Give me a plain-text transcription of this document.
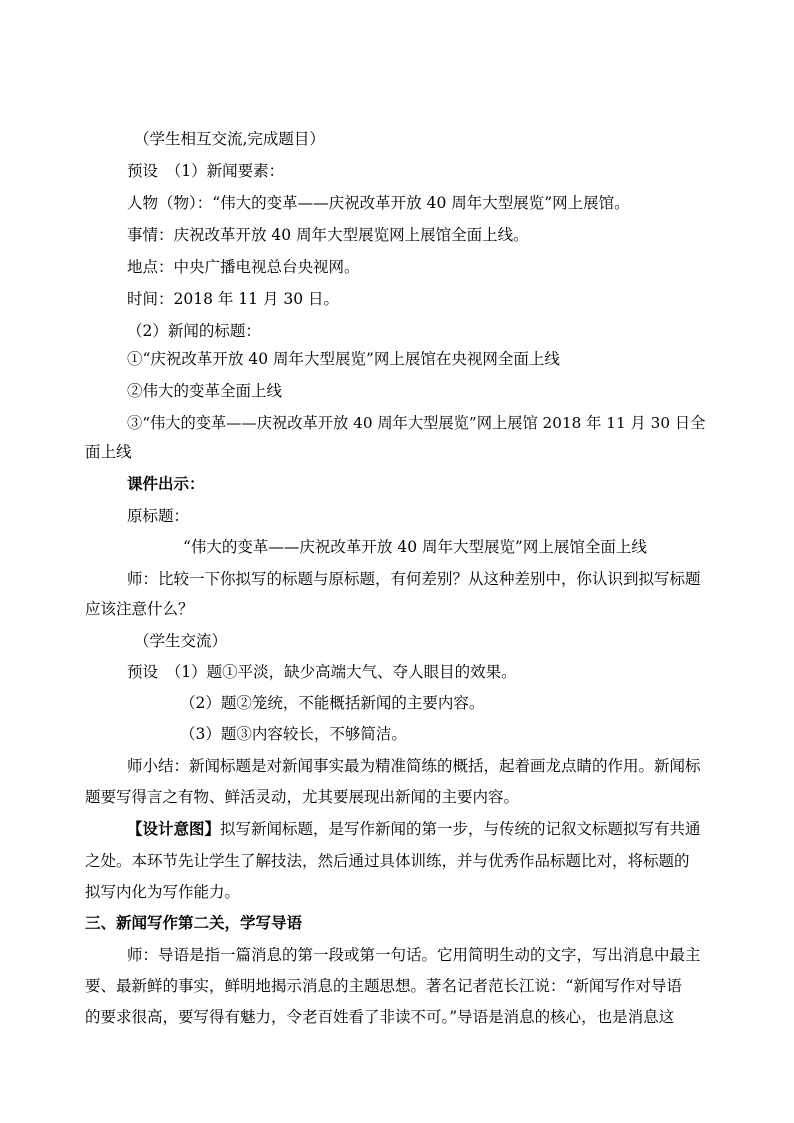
（学生相互交流,完成题目）

预设　（1）新闻要素：

人物（物）：“伟大的变革——庆祝改革开放 40 周年大型展览”网上展馆。

事情：庆祝改革开放 40 周年大型展览网上展馆全面上线。

地点：中央广播电视总台央视网。

时间：2018 年 11 月 30 日。

（2）新闻的标题：

①“庆祝改革开放 40 周年大型展览”网上展馆在央视网全面上线

②伟大的变革全面上线

③“伟大的变革——庆祝改革开放 40 周年大型展览”网上展馆 2018 年 11 月 30 日全

面上线

课件出示：

原标题：

“伟大的变革——庆祝改革开放 40 周年大型展览”网上展馆全面上线

师：比较一下你拟写的标题与原标题，有何差别？从这种差别中，你认识到拟写标题

应该注意什么？

（学生交流）

预设　（1）题①平淡，缺少高端大气、夺人眼目的效果。

（2）题②笼统，不能概括新闻的主要内容。

（3）题③内容较长，不够简洁。

师小结：新闻标题是对新闻事实最为精准简练的概括，起着画龙点睛的作用。新闻标

题要写得言之有物、鲜活灵动，尤其要展现出新闻的主要内容。

【设计意图】拟写新闻标题，是写作新闻的第一步，与传统的记叙文标题拟写有共通

之处。本环节先让学生了解技法，然后通过具体训练，并与优秀作品标题比对，将标题的

拟写内化为写作能力。

三、新闻写作第二关，学写导语

师：导语是指一篇消息的第一段或第一句话。它用简明生动的文字，写出消息中最主

要、最新鲜的事实，鲜明地揭示消息的主题思想。著名记者范长江说：“新闻写作对导语

的要求很高，要写得有魅力，令老百姓看了非读不可。”导语是消息的核心，也是消息这
